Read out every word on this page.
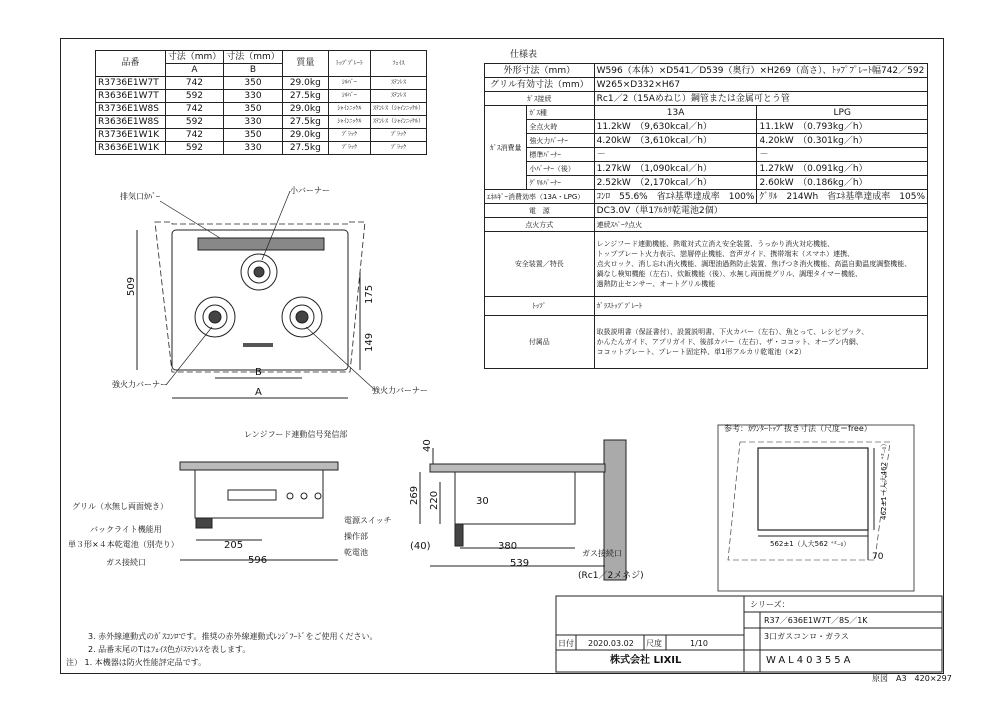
品番	寸法（mm）	寸法（mm）	質量	ﾄｯﾌﾟﾌﾟﾚｰﾄ	ﾌｪｲｽ
	A	B			
R3736E1W7T	742	350	29.0kg	ｼﾙﾊﾞｰ	ｽﾃﾝﾚｽ
R3636E1W7T	592	330	27.5kg	ｼﾙﾊﾞｰ	ｽﾃﾝﾚｽ
R3736E1W8S	742	350	29.0kg	ｼｬｲﾝﾆｯｹﾙ	ｽﾃﾝﾚｽ（ｼｬｲﾝﾆｯｹﾙ）
R3636E1W8S	592	330	27.5kg	ｼｬｲﾝﾆｯｹﾙ	ｽﾃﾝﾚｽ（ｼｬｲﾝﾆｯｹﾙ）
R3736E1W1K	742	350	29.0kg	ﾌﾞﾗｯｸ	ﾌﾞﾗｯｸ
R3636E1W1K	592	330	27.5kg	ﾌﾞﾗｯｸ	ﾌﾞﾗｯｸ
仕様表
外形寸法（mm）		W596（本体）×D541／D539（奥行）×H269（高さ）、ﾄｯﾌﾟﾌﾟﾚｰﾄ幅742／592	
グリル有効寸法（mm）		W265×D332×H67	
ｶﾞｽ接続		Rc1／2（15Aめねじ）鋼管または金属可とう管	
ｶﾞｽ消費量	ｶﾞｽ種	13A	LPG
	全点火時	11.2kW　（9,630kcal／h）	11.1kW　（0.793kg／h）
	強火力ﾊﾞｰﾅｰ	4.20kW　（3,610kcal／h）	4.20kW　（0.301kg／h）
	標準ﾊﾞｰﾅｰ	－	－
	小ﾊﾞｰﾅｰ（後）	1.27kW　（1,090kcal／h）	1.27kW　（0.091kg／h）
	ｸﾞﾘﾙﾊﾞｰﾅｰ	2.52kW　（2,170kcal／h）	2.60kW　（0.186kg／h）
ｴﾈﾙｷﾞｰ消費効率（13A・LPG）		ｺﾝﾛ　55.6%　省ｴﾈ基準達成率　100%	ｸﾞﾘﾙ　214Wh　省ｴﾈ基準達成率　105%
電　源		DC3.0V（単1ｱﾙｶﾘ乾電池2個）	
点火方式		連続ｽﾊﾟｰｸ点火	
安全装置／特長		レンジフード連動機能、熱電対式立消え安全装置、うっかり消火対応機能、
トップブレート火力表示、戀層停止機能、音声ガイド、携帯端末（スマホ）連携、
点火ロック、消し忘れ消火機能、調理油過熱防止装置、焦げつき消火機能、高温自動温度調整機能、
鍋なし検知機能（左右）、炊飯機能（後）、水無し両面焼グリル、調理タイマー機能、
過熱防止センサー、オートグリル機能	

ﾄｯﾌﾟ		ｶﾞﾗｽﾄｯﾌﾟﾌﾟﾚｰﾄ	
付属品		取扱説明書（保証書付）、設置説明書、下火カバー（左右）、魚とって、レシピブック、
かんたんガイド、アプリガイド、後部カバー（左右）、ザ・ココット、オーブン内網、
ココットプレート、プレート固定枠、単1形アルカリ乾電池（×2）	
排気口ｶﾊﾞｰ
小バーナー
強火力バーナー
強火力バーナー
509	175
149
B
A
レンジフード連動信号発信部
グリル（水無し両面焼き）
バックライト機能用
単３形×４本乾電池（別売り）
ガス接続口
電源スイッチ
操作部
乾電池
205
596
40
269 220	30
(40)	380
539
ガス接続口
(Rc1／2メネジ)
参考：ｶｳﾝﾀｰﾄｯﾌﾟ抜き寸法（尺度＝free）
562±1（人大562 ⁺²₋₀）
462±1（人大462 ⁺²₋₀）
70
3. 赤外線連動式のｶﾞｽｺﾝﾛです。推奨の赤外線連動式ﾚﾝｼﾞﾌｰﾄﾞをご使用ください。
2. 品番末尾のTはﾌｪｲｽ色がｽﾃﾝﾚｽを表します。
注） 1. 本機器は防火性能評定品です。
シリーズ：
R37／636E1W7T／8S／1K
3口ガスコンロ・ガラス
日付 2020.03.02 尺度	1/10
株式会社 LIXIL	WAL40355A
原図　A3　420×297
